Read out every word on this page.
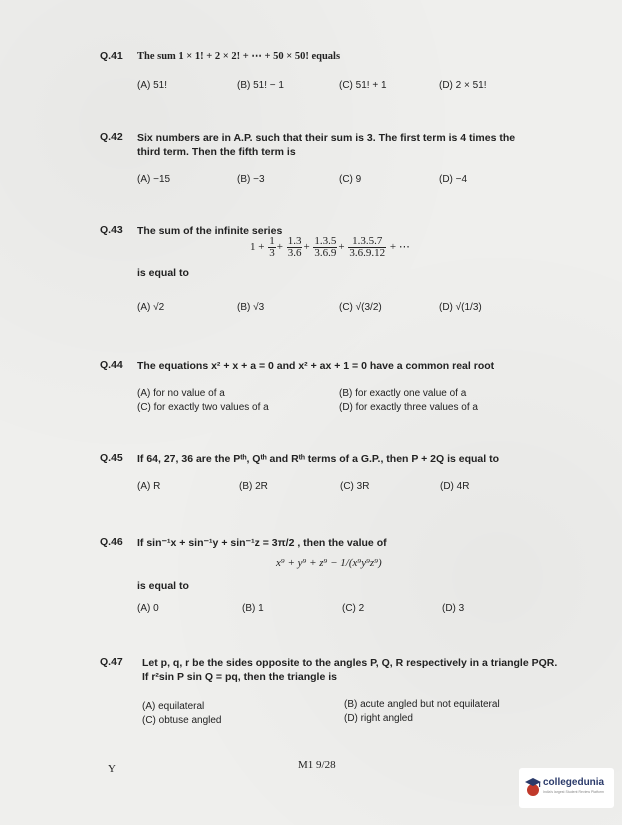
Q.41 The sum 1 × 1! + 2 × 2! + ⋯ + 50 × 50! equals
(A) 51!	(B) 51! − 1	(C) 51! + 1	(D) 2 × 51!
Q.42 Six numbers are in A.P. such that their sum is 3. The first term is 4 times the third term. Then the fifth term is
(A) −15	(B) −3	(C) 9	(D) −4
Q.43 The sum of the infinite series
$1 + \frac{1}{3} + \frac{1.3}{3.6} + \frac{1.3.5}{3.6.9} + \frac{1.3.5.7}{3.6.9.12}$ + ⋯
is equal to
(A) √2	(B) √3	(C) √(3/2)	(D) √(1/3)
Q.44 The equations x² + x + a = 0 and x² + ax + 1 = 0 have a common real root
(A) for no value of a	(B) for exactly one value of a
(C) for exactly two values of a	(D) for exactly three values of a
Q.45 If 64, 27, 36 are the Pᵗʰ, Qᵗʰ and Rᵗʰ terms of a G.P., then P + 2Q is equal to
(A) R	(B) 2R	(C) 3R	(D) 4R
Q.46 If sin⁻¹x + sin⁻¹y + sin⁻¹z = 3π/2 , then the value of
x⁹ + y⁹ + z⁹ − 1/(x⁹y⁹z⁹)
is equal to
(A) 0	(B) 1	(C) 2	(D) 3
Q.47 Let p, q, r be the sides opposite to the angles P, Q, R respectively in a triangle PQR.
If r²sin P sin Q = pq, then the triangle is
(A) equilateral	(B) acute angled but not equilateral
(C) obtuse angled	(D) right angled
Y	M1 9/28
collegedunia
India's largest Student Review Platform
